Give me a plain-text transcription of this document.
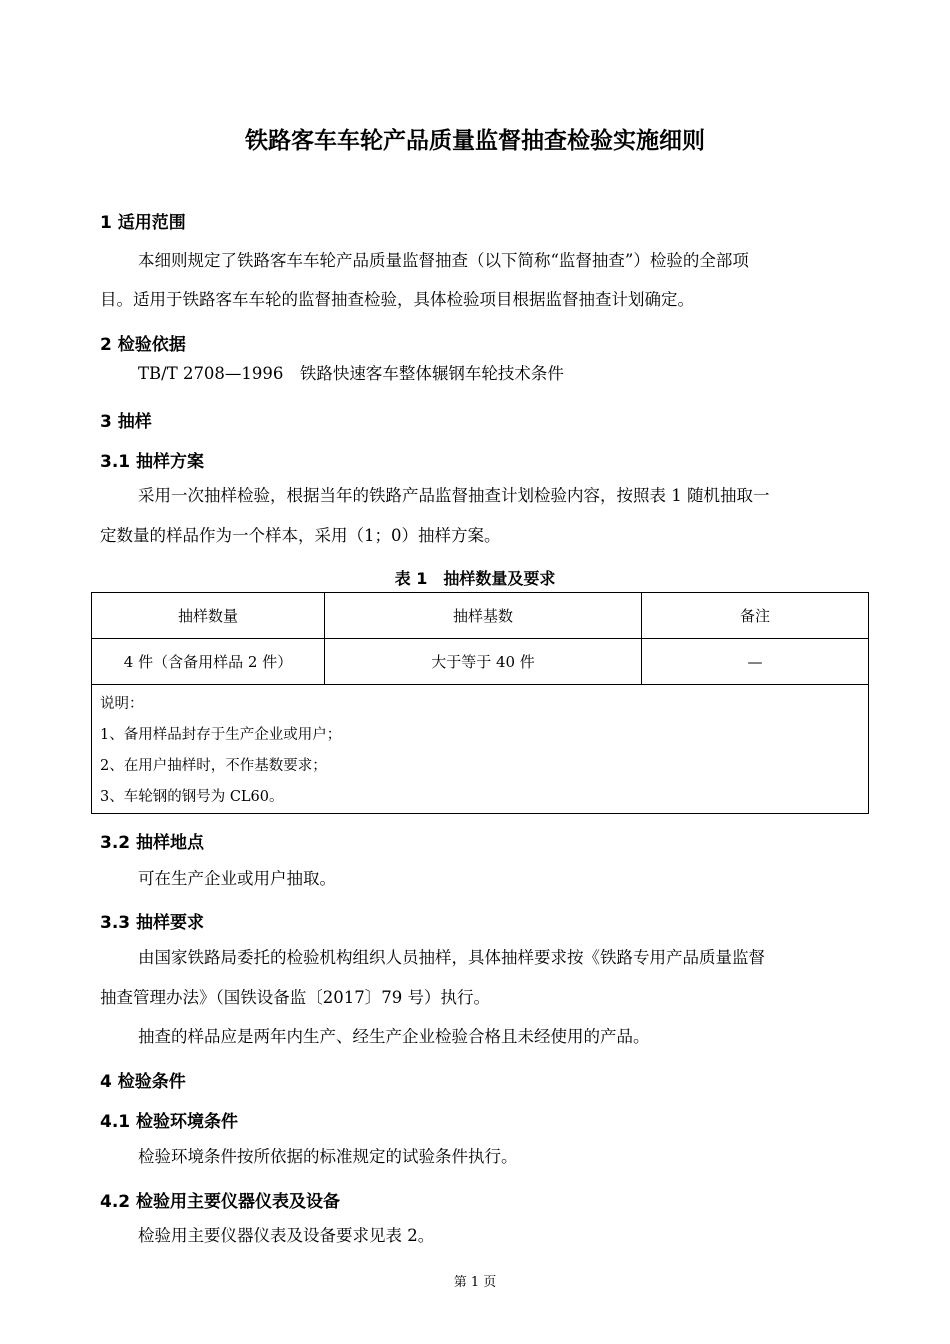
铁路客车车轮产品质量监督抽查检验实施细则
1 适用范围
本细则规定了铁路客车车轮产品质量监督抽查（以下简称“监督抽查”）检验的全部项
目。适用于铁路客车车轮的监督抽查检验，具体检验项目根据监督抽查计划确定。
2 检验依据
TB/T 2708—1996　铁路快速客车整体辗钢车轮技术条件
3 抽样
3.1 抽样方案
采用一次抽样检验，根据当年的铁路产品监督抽查计划检验内容，按照表 1 随机抽取一
定数量的样品作为一个样本，采用（1；0）抽样方案。
表 1　抽样数量及要求
抽样数量	抽样基数	备注
4 件（含备用样品 2 件）	大于等于 40 件	—

说明：
1、备用样品封存于生产企业或用户；
2、在用户抽样时，不作基数要求；
3、车轮钢的钢号为 CL60。		
3.2 抽样地点
可在生产企业或用户抽取。
3.3 抽样要求
由国家铁路局委托的检验机构组织人员抽样，具体抽样要求按《铁路专用产品质量监督
抽查管理办法》（国铁设备监〔2017〕79 号）执行。
抽查的样品应是两年内生产、经生产企业检验合格且未经使用的产品。
4 检验条件
4.1 检验环境条件
检验环境条件按所依据的标准规定的试验条件执行。
4.2 检验用主要仪器仪表及设备
检验用主要仪器仪表及设备要求见表 2。
第 1 页
